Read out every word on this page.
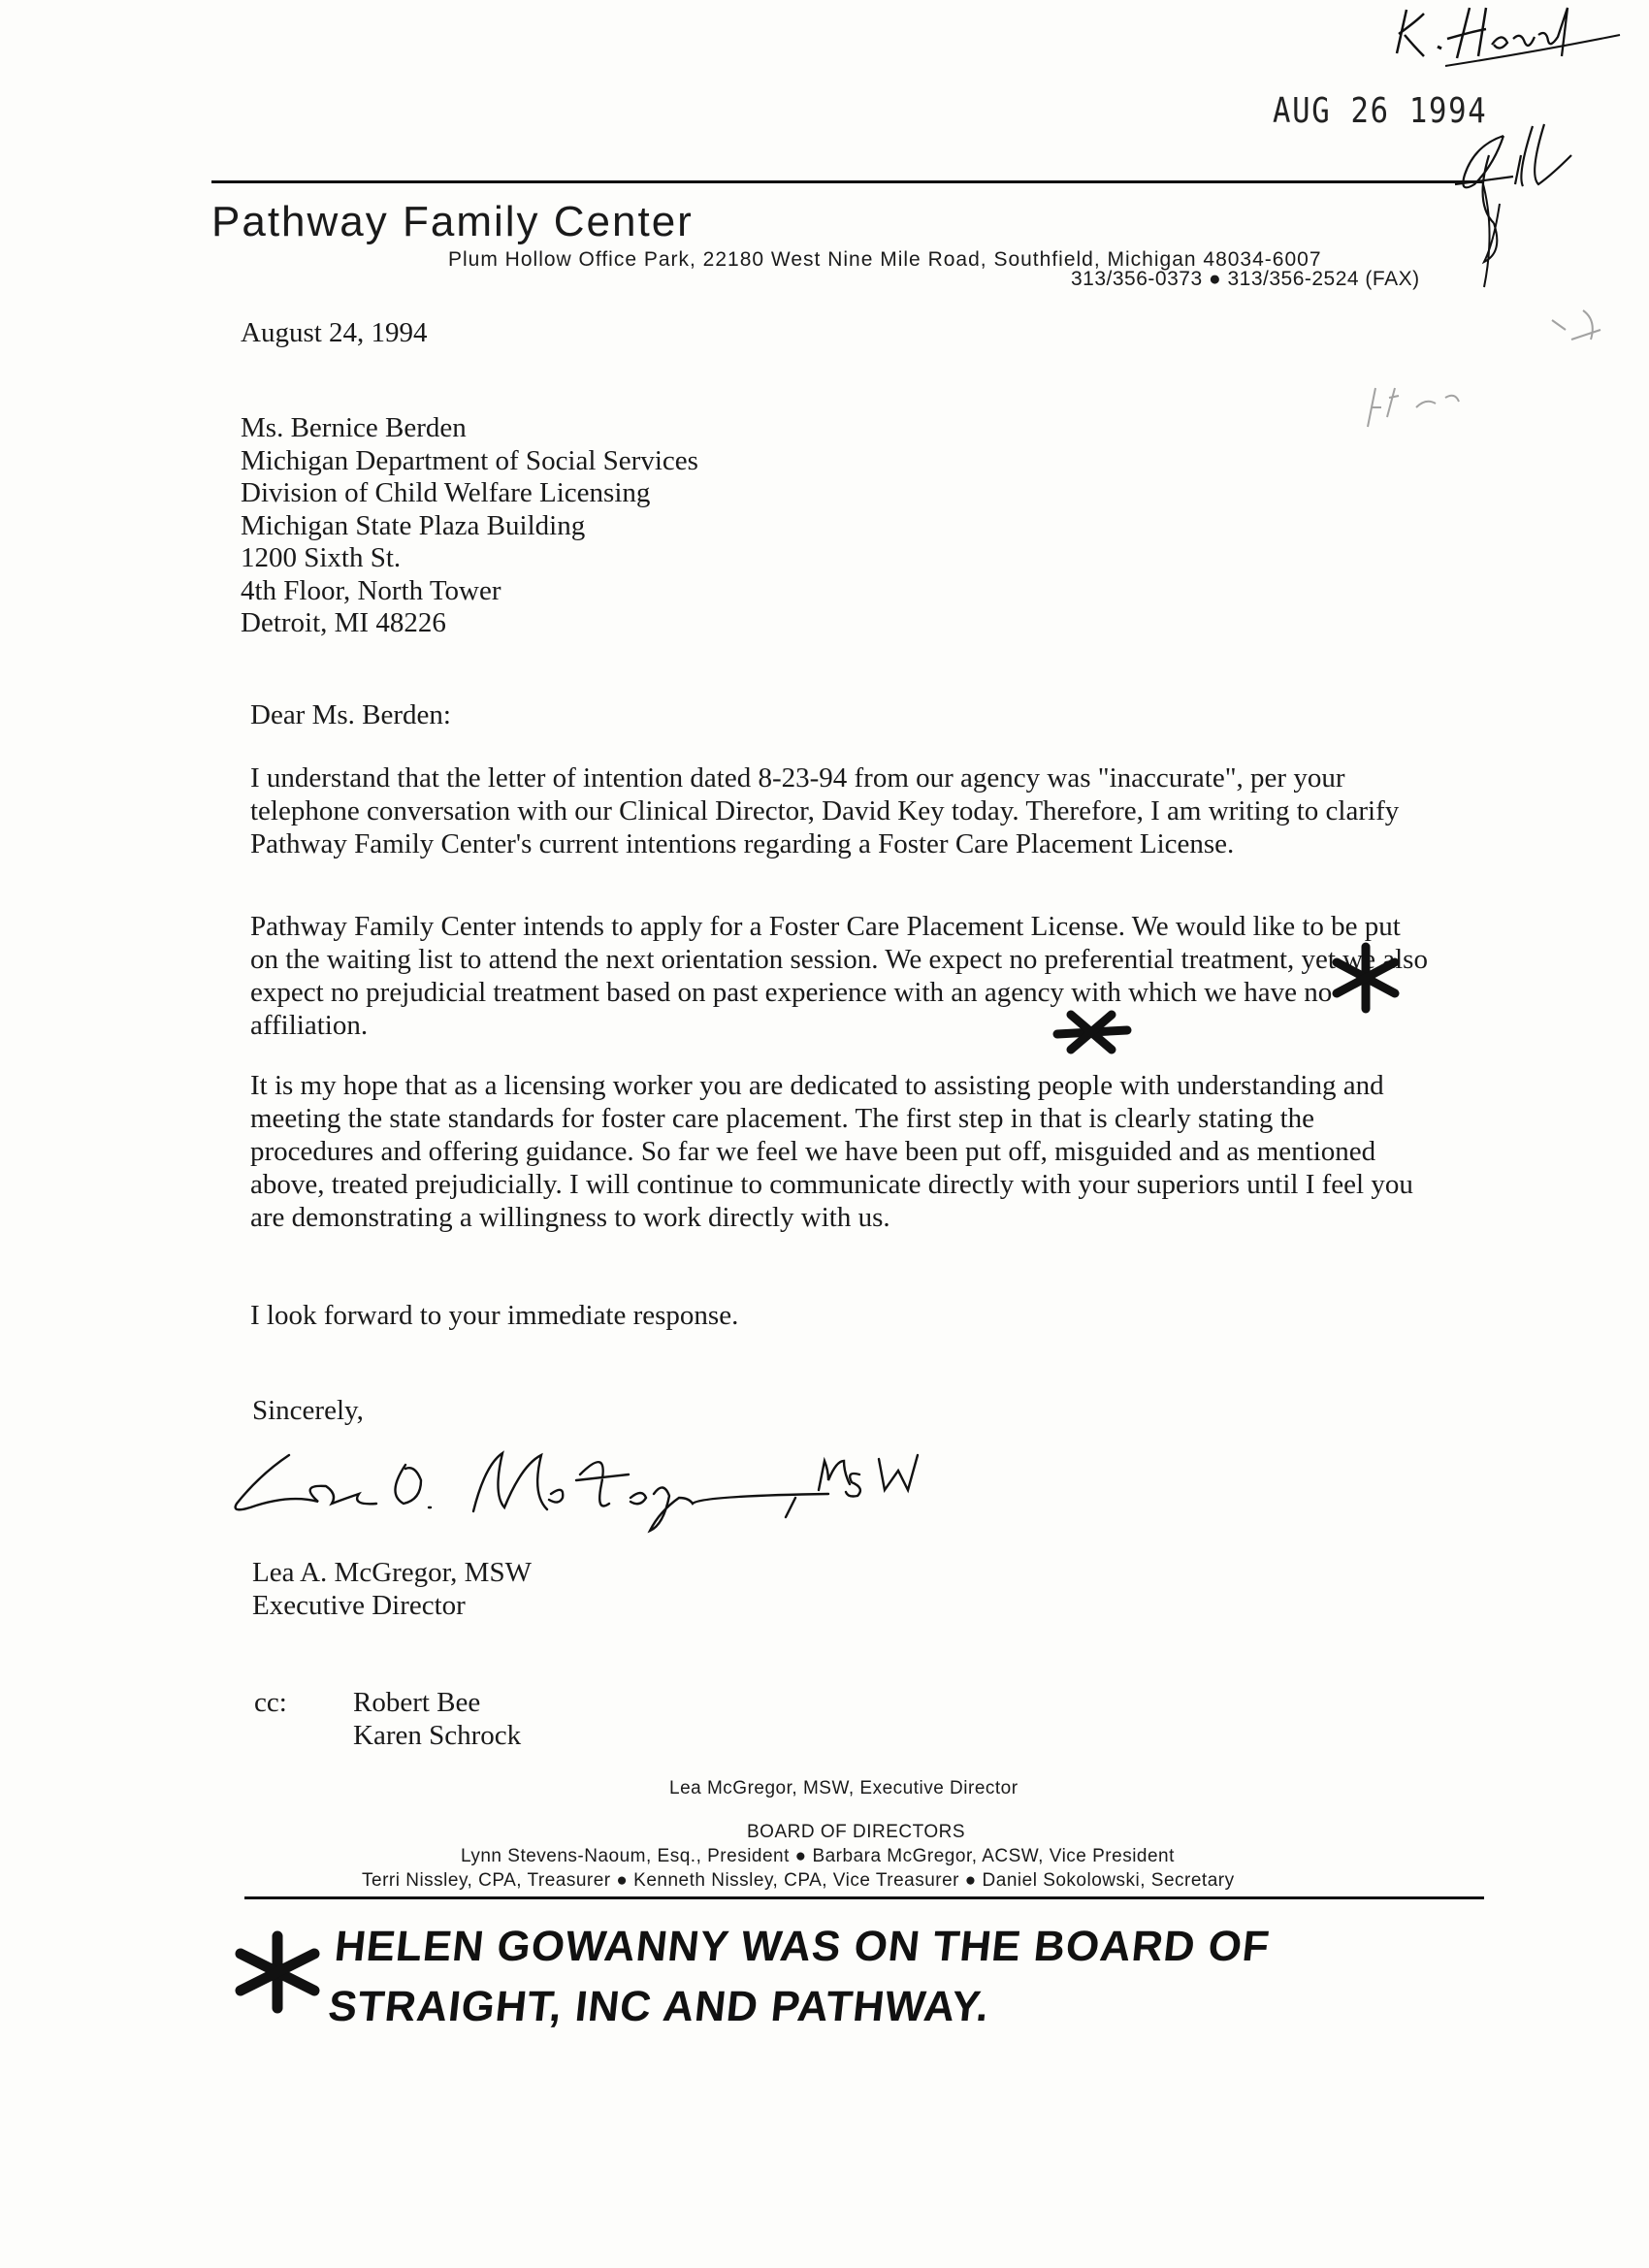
AUG 26 1994
Pathway Family Center
Plum Hollow Office Park, 22180 West Nine Mile Road, Southfield, Michigan 48034-6007
313/356-0373 ● 313/356-2524 (FAX)
August 24, 1994
Ms. Bernice Berden
Michigan Department of Social Services
Division of Child Welfare Licensing
Michigan State Plaza Building
1200 Sixth St.
4th Floor, North Tower
Detroit, MI 48226
Dear Ms. Berden:
I understand that the letter of intention dated 8-23-94 from our agency was "inaccurate", per your telephone conversation with our Clinical Director, David Key today. Therefore, I am writing to clarify Pathway Family Center's current intentions regarding a Foster Care Placement License.
Pathway Family Center intends to apply for a Foster Care Placement License. We would like to be put on the waiting list to attend the next orientation session. We expect no preferential treatment, yet we also expect no prejudicial treatment based on past experience with an agency with which we have no affiliation.
It is my hope that as a licensing worker you are dedicated to assisting people with understanding and meeting the state standards for foster care placement. The first step in that is clearly stating the procedures and offering guidance. So far we feel we have been put off, misguided and as mentioned above, treated prejudicially. I will continue to communicate directly with your superiors until I feel you are demonstrating a willingness to work directly with us.
I look forward to your immediate response.
Sincerely,
Lea A. McGregor, MSW
Executive Director
cc: Robert Bee
Karen Schrock
Lea McGregor, MSW, Executive Director
BOARD OF DIRECTORS
Lynn Stevens-Naoum, Esq., President ● Barbara McGregor, ACSW, Vice President
Terri Nissley, CPA, Treasurer ● Kenneth Nissley, CPA, Vice Treasurer ● Daniel Sokolowski, Secretary
HELEN GOWANNY WAS ON THE BOARD OF
STRAIGHT, INC AND PATHWAY.
